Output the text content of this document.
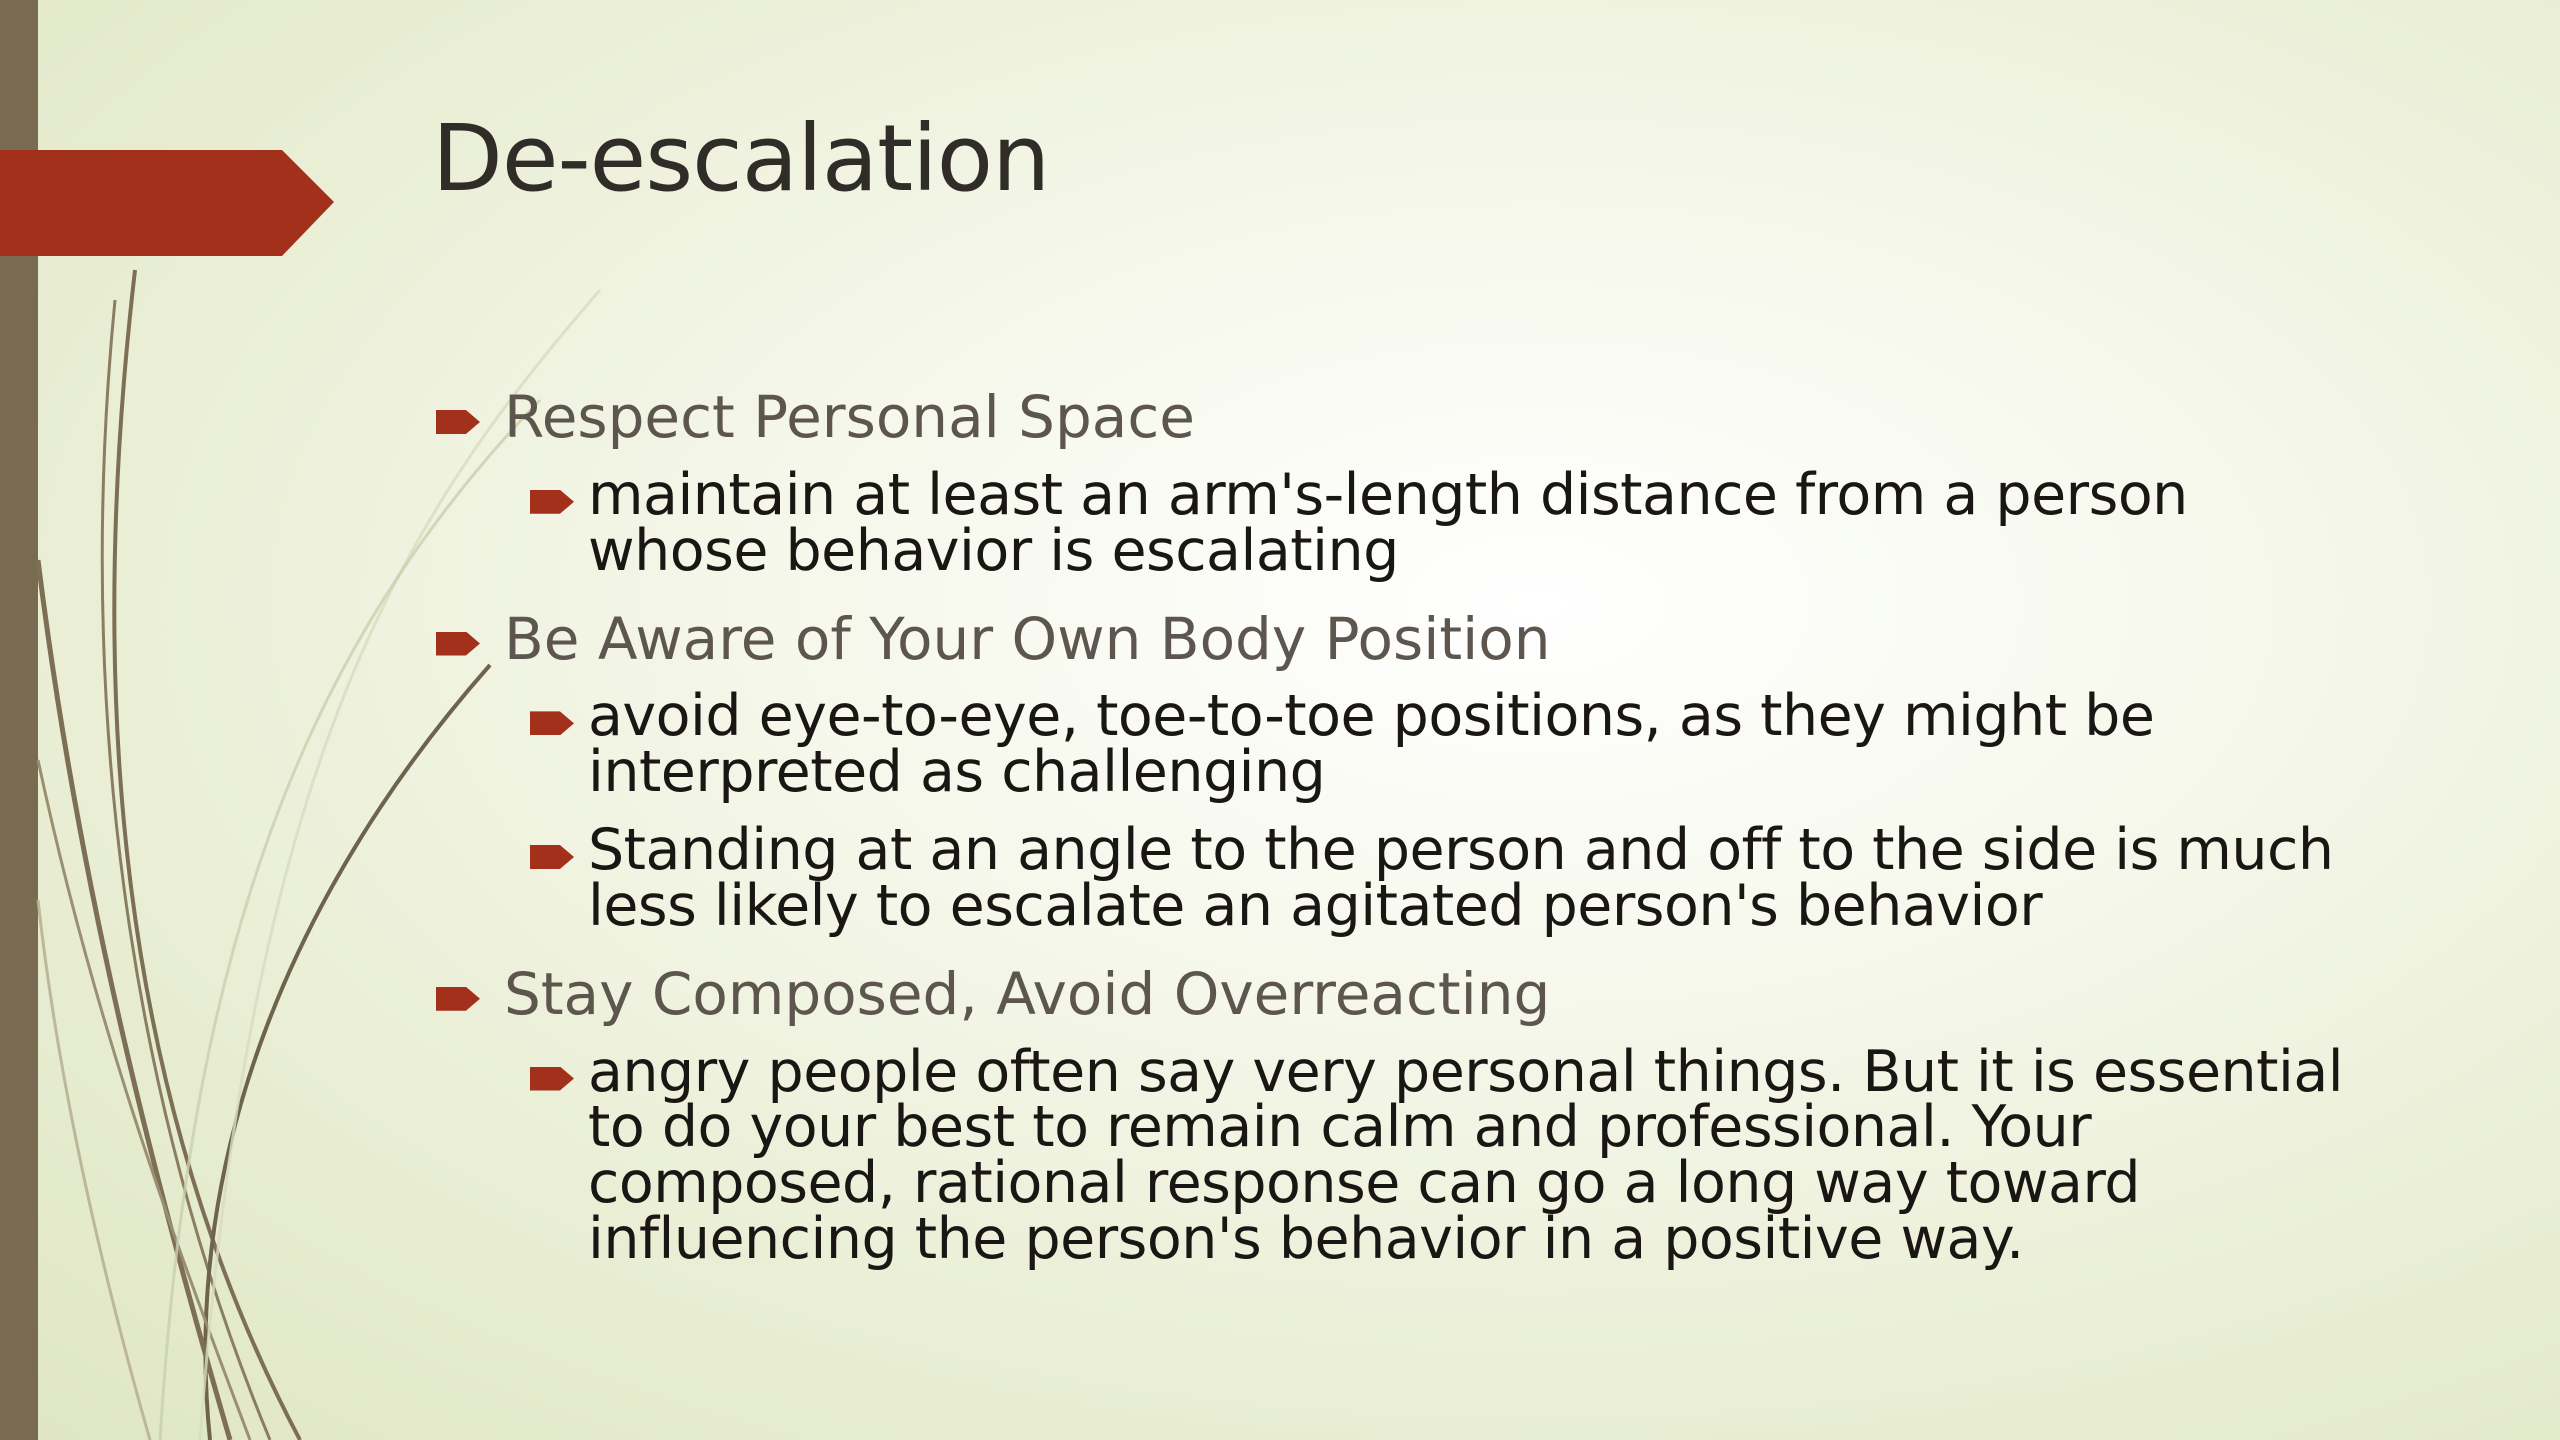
De-escalation
Respect Personal Space
maintain at least an arm's-length distance from a person whose behavior is escalating
Be Aware of Your Own Body Position
avoid eye-to-eye, toe-to-toe positions, as they might be interpreted as challenging
Standing at an angle to the person and off to the side is much less likely to escalate an agitated person's behavior
Stay Composed, Avoid Overreacting
angry people often say very personal things. But it is essential to do your best to remain calm and professional. Your composed, rational response can go a long way toward influencing the person's behavior in a positive way.
